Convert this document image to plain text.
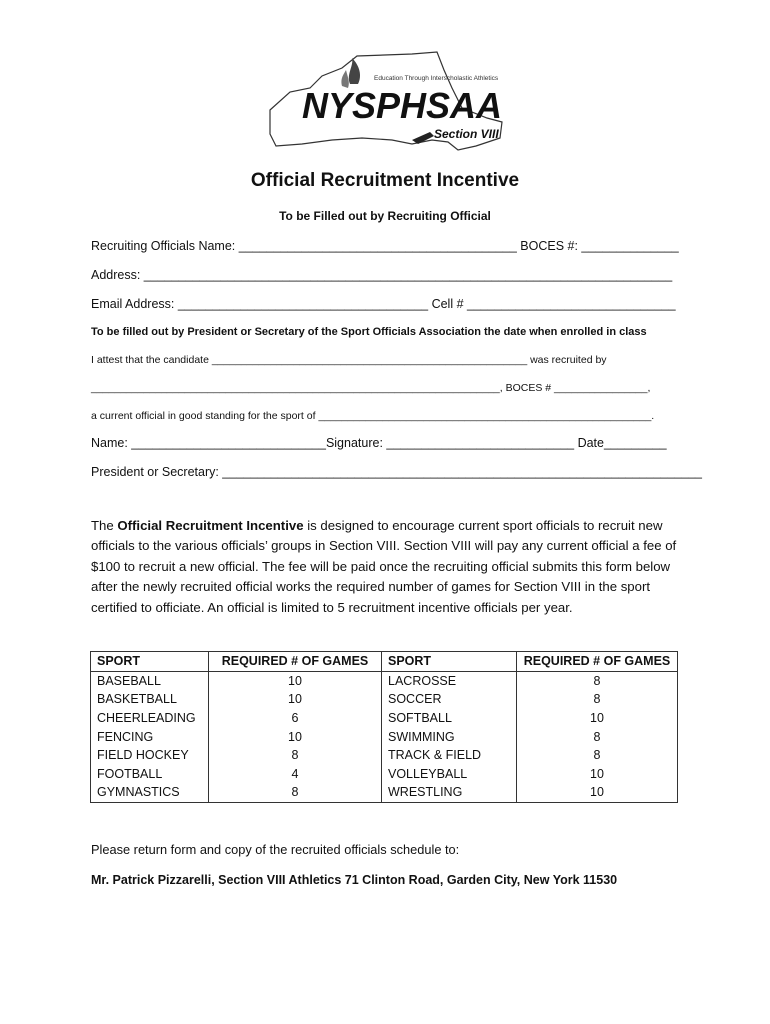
Education Through Interscholastic Athletics
NYSPHSAA
Section VIII
Official Recruitment Incentive
To be Filled out by Recruiting Official
Recruiting Officials Name: ________________________________________ BOCES #: ______________
Address: ____________________________________________________________________________
Email Address: ____________________________________ Cell # ______________________________
To be filled out by President or Secretary of the Sport Officials Association the date when enrolled in class
I attest that the candidate ______________________________________________________ was recruited by
______________________________________________________________________, BOCES # ________________,
a current official in good standing for the sport of _________________________________________________________.
Name: ____________________________Signature: ___________________________ Date_________
President or Secretary: _____________________________________________________________________
The Official Recruitment Incentive is designed to encourage current sport officials to recruit new officials to the various officials’ groups in Section VIII. Section VIII will pay any current official a fee of $100 to recruit a new official. The fee will be paid once the recruiting official submits this form below after the newly recruited official works the required number of games for Section VIII in the sport certified to officiate. An official is limited to 5 recruitment incentive officials per year.
SPORT	REQUIRED # OF GAMES	SPORT	REQUIRED # OF GAMES
BASEBALL	10	LACROSSE	8
BASKETBALL	10	SOCCER	8
CHEERLEADING	6	SOFTBALL	10
FENCING	10	SWIMMING	8
FIELD HOCKEY	8	TRACK & FIELD	8
FOOTBALL	4	VOLLEYBALL	10
GYMNASTICS	8	WRESTLING	10
Please return form and copy of the recruited officials schedule to:
Mr. Patrick Pizzarelli, Section VIII Athletics 71 Clinton Road, Garden City, New York 11530
